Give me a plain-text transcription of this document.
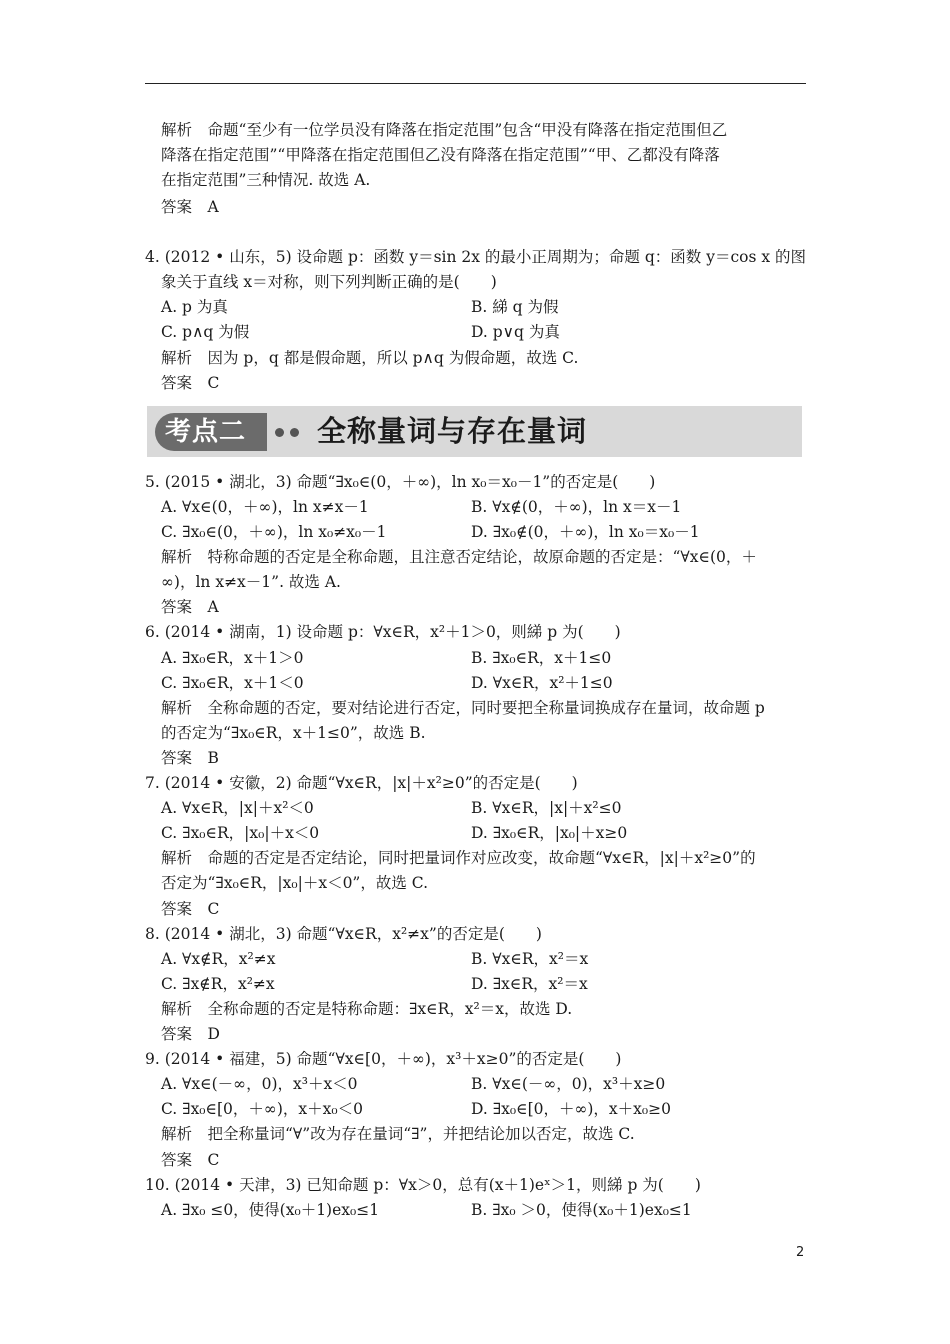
解析　命题“至少有一位学员没有降落在指定范围”包含“甲没有降落在指定范围但乙
降落在指定范围”“甲降落在指定范围但乙没有降落在指定范围”“甲、乙都没有降落
在指定范围”三种情况. 故选 A.
答案　A
4. (2012 • 山东，5) 设命题 p：函数 y＝sin 2x 的最小正周期为；命题 q：函数 y＝cos x 的图
象关于直线 x＝对称，则下列判断正确的是(　　)
A. p 为真	B. 綈 q 为假
C. p∧q 为假	D. p∨q 为真
解析　因为 p，q 都是假命题，所以 p∧q 为假命题，故选 C.
答案　C
考点二 全称量词与存在量词
5. (2015 • 湖北，3) 命题“∃x₀∈(0，＋∞)，ln x₀＝x₀－1”的否定是(　　)
A. ∀x∈(0，＋∞)，ln x≠x－1	B. ∀x∉(0，＋∞)，ln x＝x－1
C. ∃x₀∈(0，＋∞)，ln x₀≠x₀－1	D. ∃x₀∉(0，＋∞)，ln x₀＝x₀－1
解析　特称命题的否定是全称命题，且注意否定结论，故原命题的否定是：“∀x∈(0，＋
∞)，ln x≠x－1”. 故选 A.
答案　A
6. (2014 • 湖南，1) 设命题 p：∀x∈R，x²＋1＞0，则綈 p 为(　　)
A. ∃x₀∈R，x＋1＞0	B. ∃x₀∈R，x＋1≤0
C. ∃x₀∈R，x＋1＜0	D. ∀x∈R，x²＋1≤0
解析　全称命题的否定，要对结论进行否定，同时要把全称量词换成存在量词，故命题 p
的否定为“∃x₀∈R，x＋1≤0”，故选 B.
答案　B
7. (2014 • 安徽，2) 命题“∀x∈R，|x|＋x²≥0”的否定是(　　)
A. ∀x∈R，|x|＋x²＜0	B. ∀x∈R，|x|＋x²≤0
C. ∃x₀∈R，|x₀|＋x＜0	D. ∃x₀∈R，|x₀|＋x≥0
解析　命题的否定是否定结论，同时把量词作对应改变，故命题“∀x∈R，|x|＋x²≥0”的
否定为“∃x₀∈R，|x₀|＋x＜0”，故选 C.
答案　C
8. (2014 • 湖北，3) 命题“∀x∈R，x²≠x”的否定是(　　)
A. ∀x∉R，x²≠x	B. ∀x∈R，x²＝x
C. ∃x∉R，x²≠x	D. ∃x∈R，x²＝x
解析　全称命题的否定是特称命题：∃x∈R，x²＝x，故选 D.
答案　D
9. (2014 • 福建，5) 命题“∀x∈[0，＋∞)，x³＋x≥0”的否定是(　　)
A. ∀x∈(－∞，0)，x³＋x＜0	B. ∀x∈(－∞，0)，x³＋x≥0
C. ∃x₀∈[0，＋∞)，x＋x₀＜0	D. ∃x₀∈[0，＋∞)，x＋x₀≥0
解析　把全称量词“∀”改为存在量词“∃”，并把结论加以否定，故选 C.
答案　C
10. (2014 • 天津，3) 已知命题 p：∀x＞0，总有(x＋1)eˣ＞1，则綈 p 为(　　)
A. ∃x₀ ≤0，使得(x₀＋1)ex₀≤1	B. ∃x₀ ＞0，使得(x₀＋1)ex₀≤1
2
